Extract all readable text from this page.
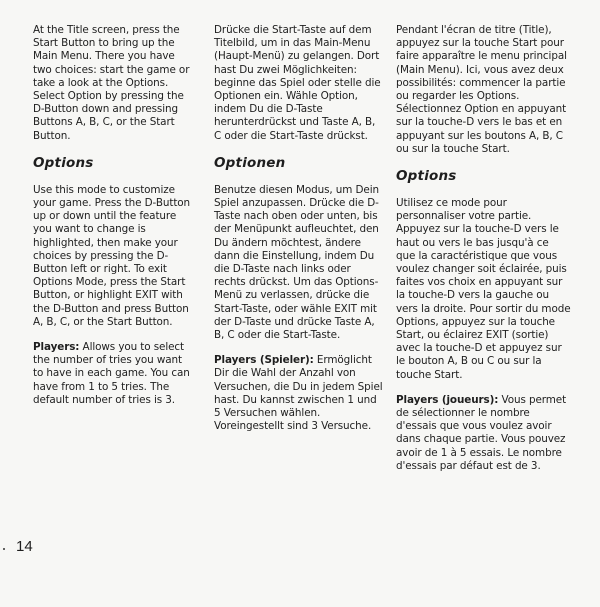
At the Title screen, press the Start Button to bring up the Main Menu. There you have two choices: start the game or take a look at the Options. Select Option by pressing the D-Button down and pressing Buttons A, B, C, or the Start Button.

Options

Use this mode to customize your game. Press the D-Button up or down until the feature you want to change is highlighted, then make your choices by pressing the D-Button left or right. To exit Options Mode, press the Start Button, or highlight EXIT with the D-Button and press Button A, B, C, or the Start Button.

Players: Allows you to select the number of tries you want to have in each game. You can have from 1 to 5 tries. The default number of tries is 3.

Drücke die Start-Taste auf dem Titelbild, um in das Main-Menu (Haupt-Menü) zu gelangen. Dort hast Du zwei Möglichkeiten: beginne das Spiel oder stelle die Optionen ein. Wähle Option, indem Du die D-Taste herunterdrückst und Taste A, B, C oder die Start-Taste drückst.

Optionen

Benutze diesen Modus, um Dein Spiel anzupassen. Drücke die D-Taste nach oben oder unten, bis der Menüpunkt aufleuchtet, den Du ändern möchtest, ändere dann die Einstellung, indem Du die D-Taste nach links oder rechts drückst. Um das Options-Menü zu verlassen, drücke die Start-Taste, oder wähle EXIT mit der D-Taste und drücke Taste A, B, C oder die Start-Taste.

Players (Spieler): Ermöglicht Dir die Wahl der Anzahl von Versuchen, die Du in jedem Spiel hast. Du kannst zwischen 1 und 5 Versuchen wählen. Voreingestellt sind 3 Versuche.

Pendant l'écran de titre (Title), appuyez sur la touche Start pour faire apparaître le menu principal (Main Menu). Ici, vous avez deux possibilités: commencer la partie ou regarder les Options. Sélectionnez Option en appuyant sur la touche-D vers le bas et en appuyant sur les boutons A, B, C ou sur la touche Start.

Options

Utilisez ce mode pour personnaliser votre partie. Appuyez sur la touche-D vers le haut ou vers le bas jusqu'à ce que la caractéristique que vous voulez changer soit éclairée, puis faites vos choix en appuyant sur la touche-D vers la gauche ou vers la droite. Pour sortir du mode Options, appuyez sur la touche Start, ou éclairez EXIT (sortie) avec la touche-D et appuyez sur le bouton A, B ou C ou sur la touche Start.

Players (joueurs): Vous permet de sélectionner le nombre d'essais que vous voulez avoir dans chaque partie. Vous pouvez avoir de 1 à 5 essais. Le nombre d'essais par défaut est de 3.

14
